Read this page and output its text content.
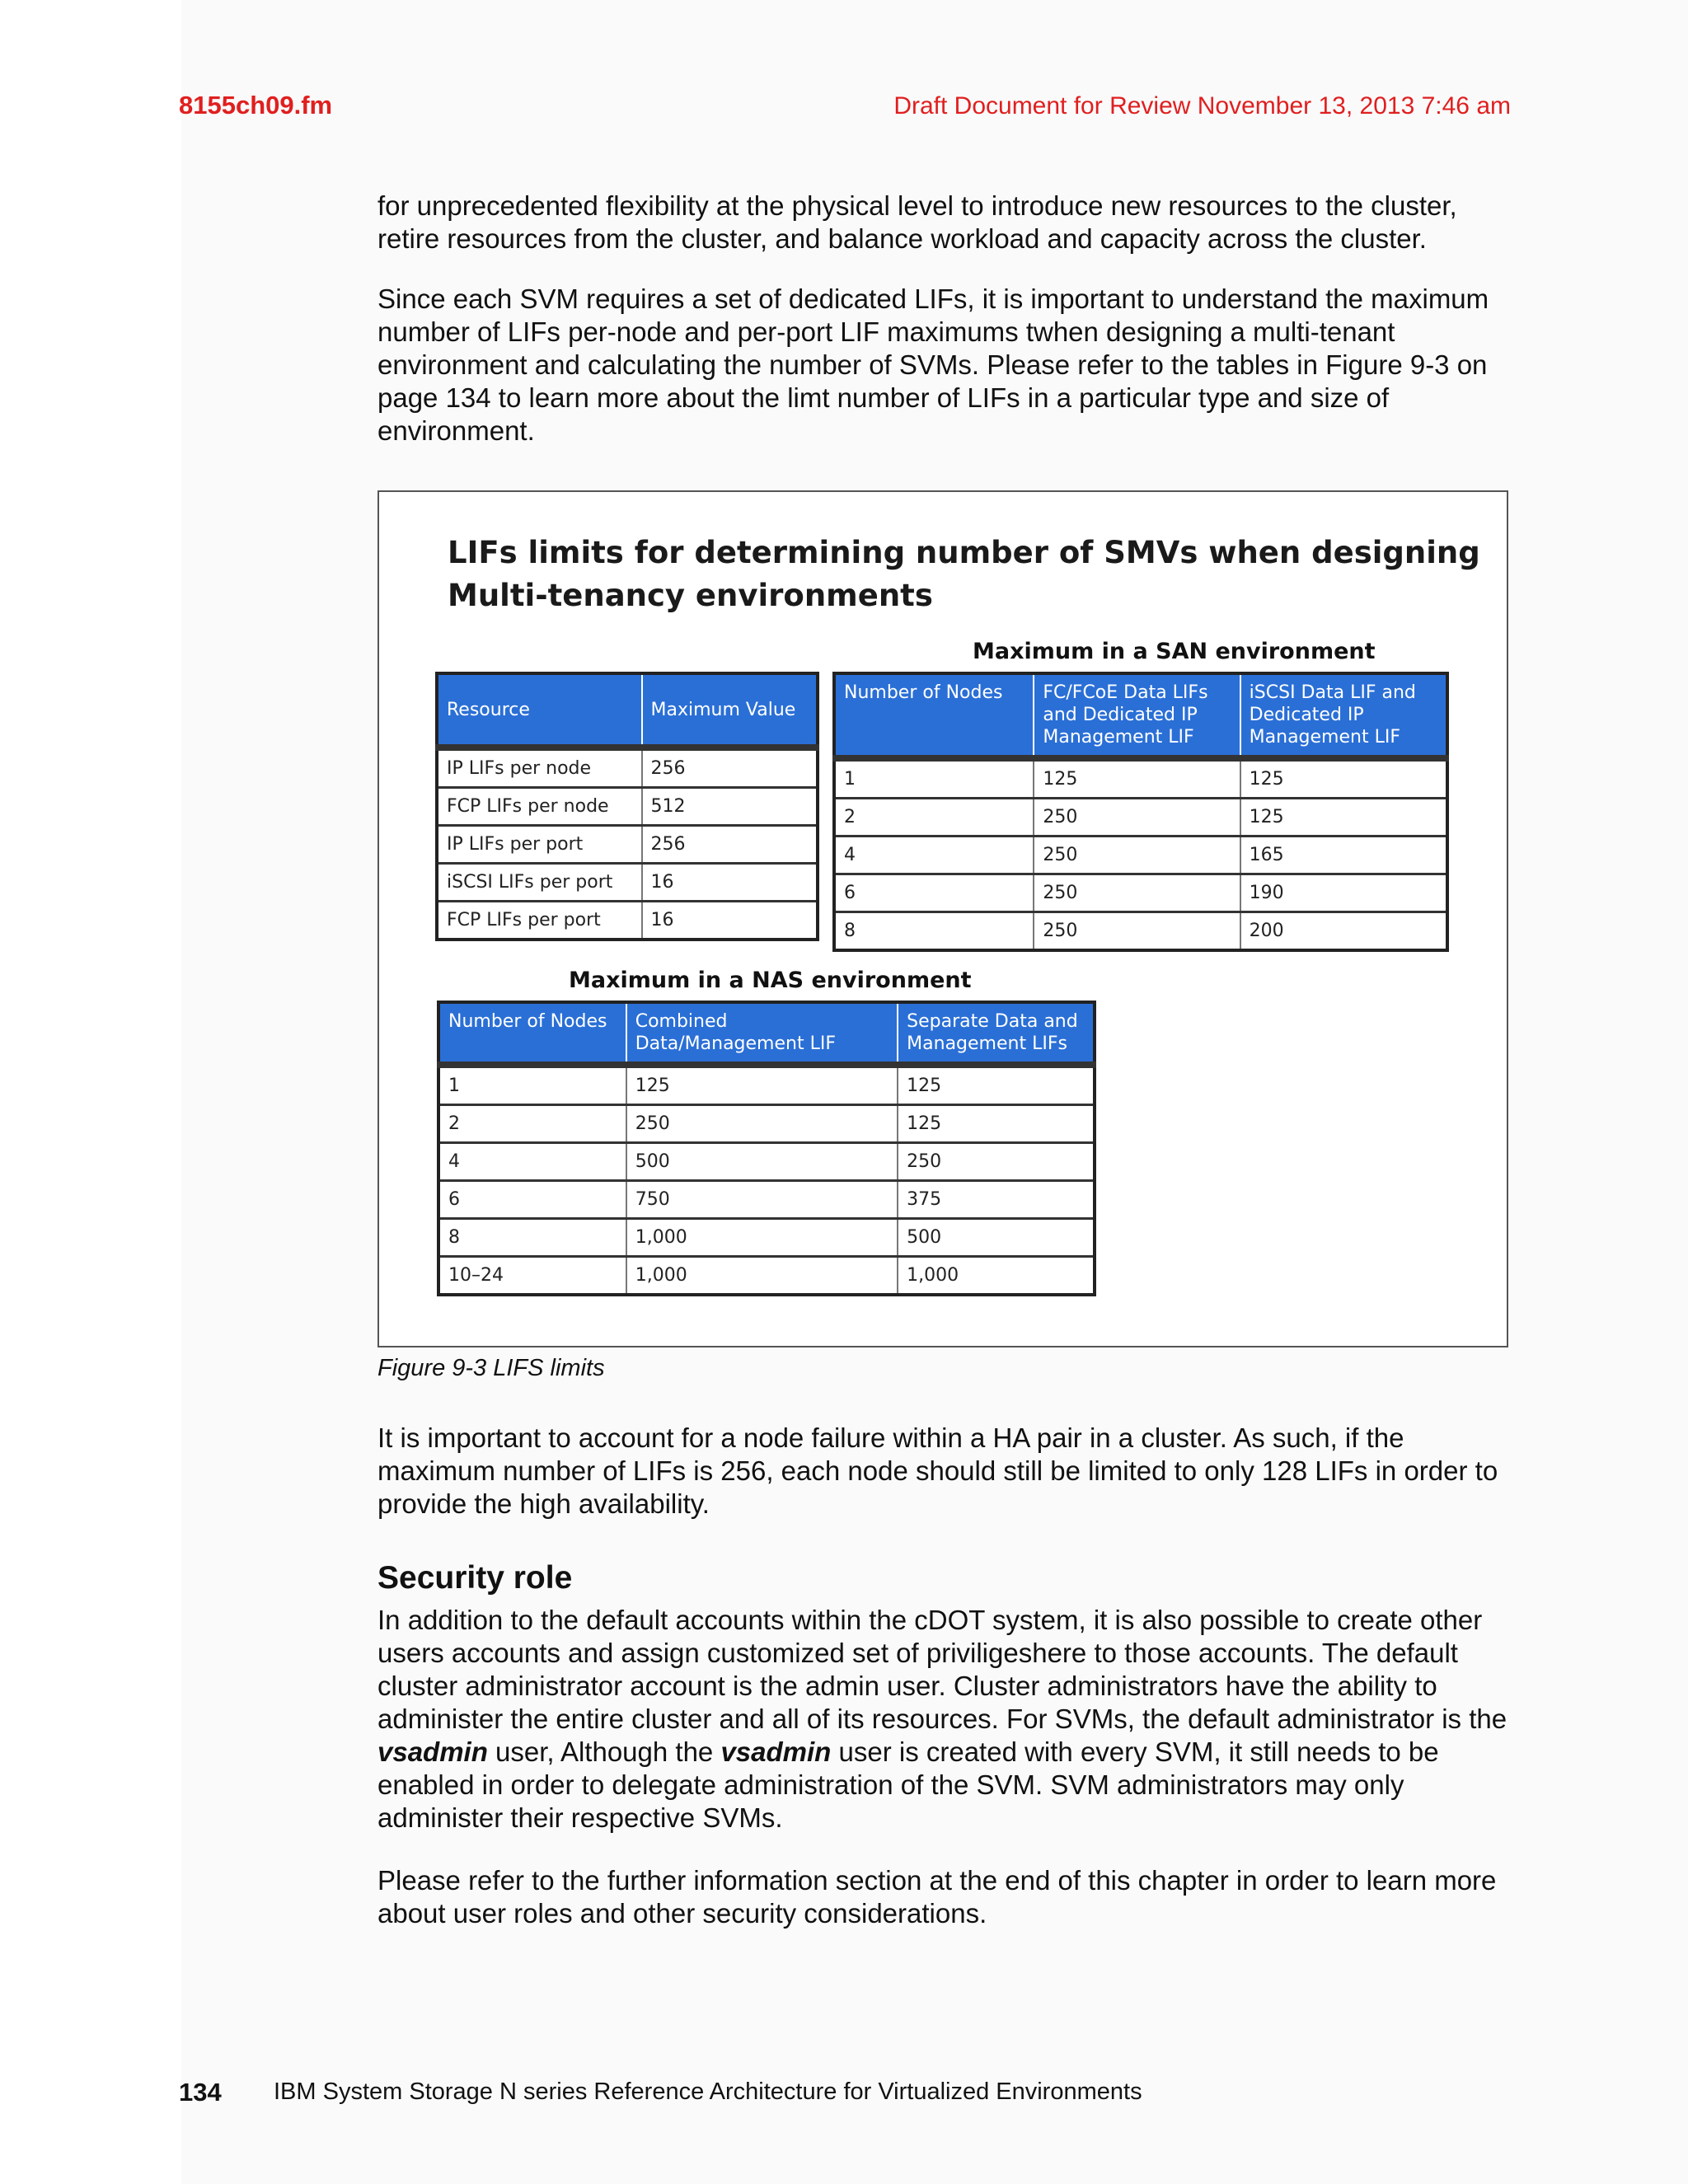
8155ch09.fm	Draft Document for Review November 13, 2013 7:46 am

for unprecedented flexibility at the physical level to introduce new resources to the cluster, retire resources from the cluster, and balance workload and capacity across the cluster.

Since each SVM requires a set of dedicated LIFs, it is important to understand the maximum number of LIFs per-node and per-port LIF maximums twhen designing a multi-tenant environment and calculating the number of SVMs. Please refer to the tables in Figure 9-3 on page 134 to learn more about the limt number of LIFs in a particular type and size of environment.

LIFs limits for determining number of SMVs when designing
Multi-tenancy environments
Maximum in a SAN environment
Resource	Maximum Value
IP LIFs per node	256
FCP LIFs per node	512
IP LIFs per port	256
iSCSI LIFs per port	16
FCP LIFs per port	16
Number of Nodes	FC/FCoE Data LIFs and Dedicated IP Management LIF	iSCSI Data LIF and Dedicated IP Management LIF
1	125	125
2	250	125
4	250	165
6	250	190
8	250	200
Maximum in a NAS environment
Number of Nodes	Combined Data/Management LIF	Separate Data and Management LIFs
1	125	125
2	250	125
4	500	250
6	750	375
8	1,000	500
10–24	1,000	1,000
Figure 9-3 LIFS limits

It is important to account for a node failure within a HA pair in a cluster. As such, if the maximum number of LIFs is 256, each node should still be limited to only 128 LIFs in order to provide the high availability.

Security role

In addition to the default accounts within the cDOT system, it is also possible to create other users accounts and assign customized set of priviligeshere to those accounts. The default cluster administrator account is the admin user. Cluster administrators have the ability to administer the entire cluster and all of its resources. For SVMs, the default administrator is the vsadmin user, Although the vsadmin user is created with every SVM, it still needs to be enabled in order to delegate administration of the SVM. SVM administrators may only administer their respective SVMs.

Please refer to the further information section at the end of this chapter in order to learn more about user roles and other security considerations.

134 IBM System Storage N series Reference Architecture for Virtualized Environments
